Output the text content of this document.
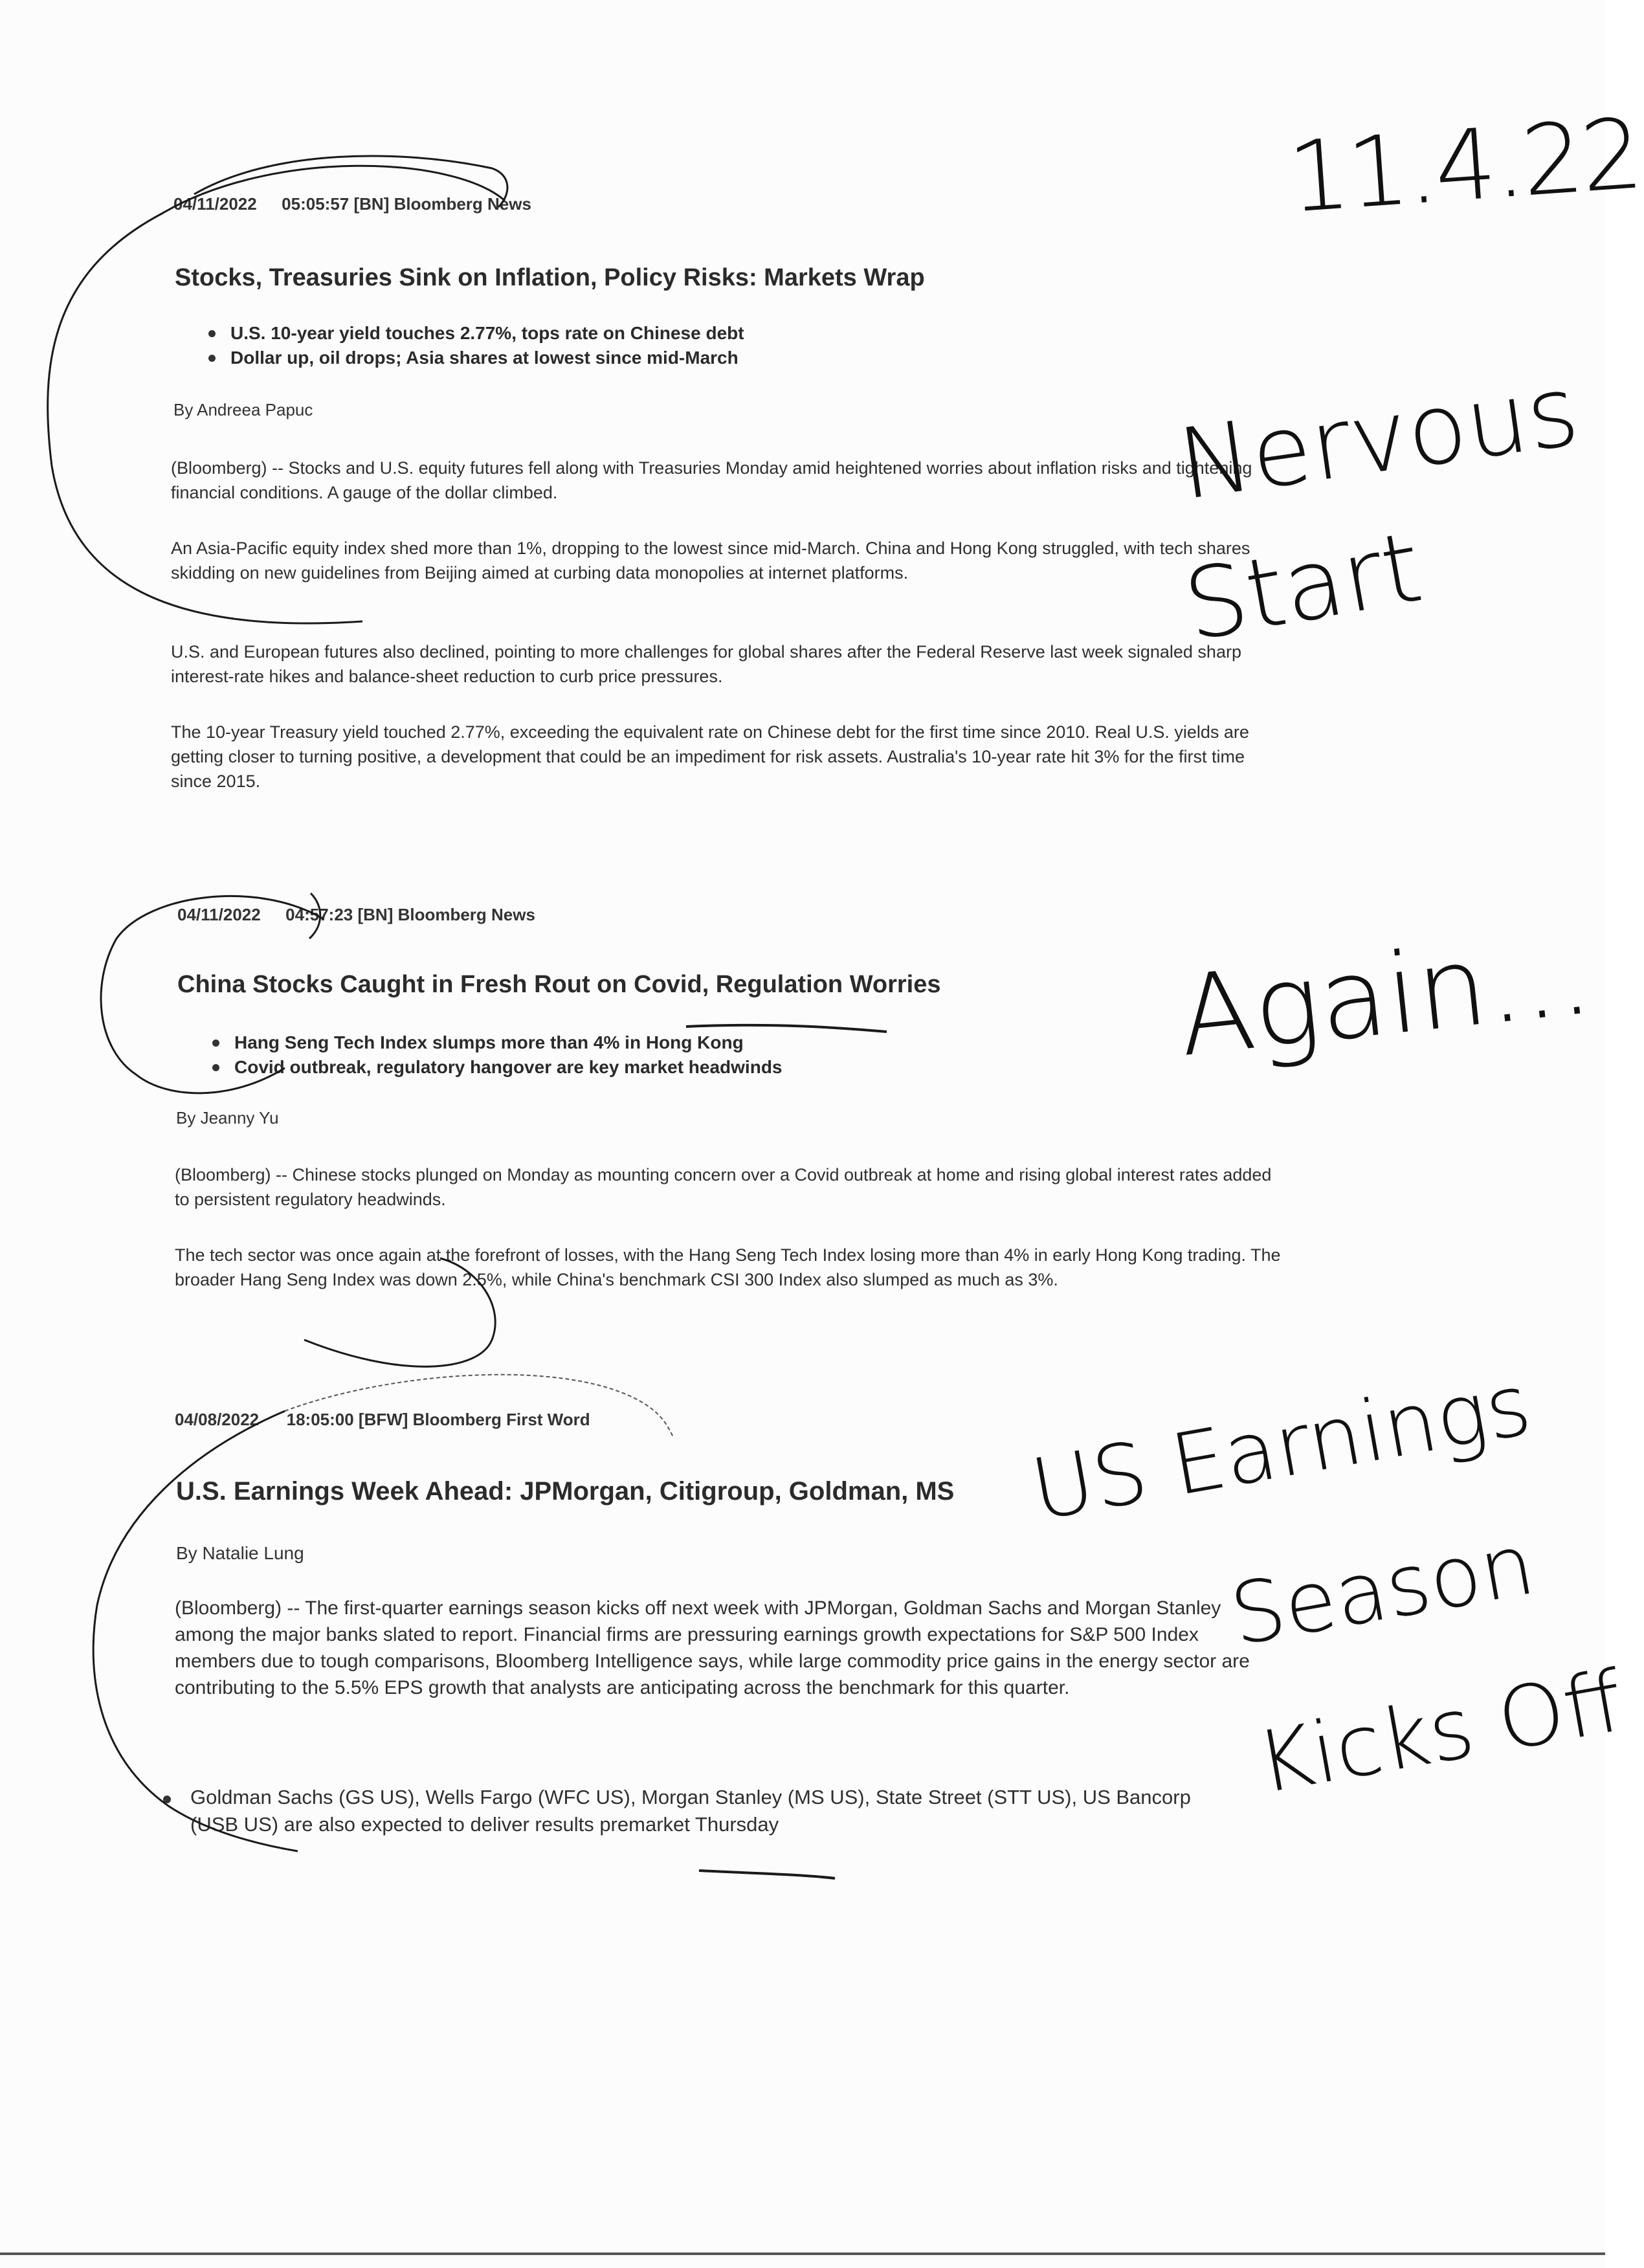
04/11/2022 05:05:57 [BN] Bloomberg News
Stocks, Treasuries Sink on Inflation, Policy Risks: Markets Wrap
U.S. 10-year yield touches 2.77%, tops rate on Chinese debt
Dollar up, oil drops; Asia shares at lowest since mid-March
By Andreea Papuc
(Bloomberg) -- Stocks and U.S. equity futures fell along with Treasuries Monday amid heightened worries about inflation risks and tightening financial conditions. A gauge of the dollar climbed.
An Asia-Pacific equity index shed more than 1%, dropping to the lowest since mid-March. China and Hong Kong struggled, with tech shares skidding on new guidelines from Beijing aimed at curbing data monopolies at internet platforms.
U.S. and European futures also declined, pointing to more challenges for global shares after the Federal Reserve last week signaled sharp interest-rate hikes and balance-sheet reduction to curb price pressures.
The 10-year Treasury yield touched 2.77%, exceeding the equivalent rate on Chinese debt for the first time since 2010. Real U.S. yields are getting closer to turning positive, a development that could be an impediment for risk assets. Australia's 10-year rate hit 3% for the first time since 2015.
04/11/2022 04:57:23 [BN] Bloomberg News
China Stocks Caught in Fresh Rout on Covid, Regulation Worries
Hang Seng Tech Index slumps more than 4% in Hong Kong
Covid outbreak, regulatory hangover are key market headwinds
By Jeanny Yu
(Bloomberg) -- Chinese stocks plunged on Monday as mounting concern over a Covid outbreak at home and rising global interest rates added to persistent regulatory headwinds.
The tech sector was once again at the forefront of losses, with the Hang Seng Tech Index losing more than 4% in early Hong Kong trading. The broader Hang Seng Index was down 2.5%, while China's benchmark CSI 300 Index also slumped as much as 3%.
04/08/2022 18:05:00 [BFW] Bloomberg First Word
U.S. Earnings Week Ahead: JPMorgan, Citigroup, Goldman, MS
By Natalie Lung
(Bloomberg) -- The first-quarter earnings season kicks off next week with JPMorgan, Goldman Sachs and Morgan Stanley among the major banks slated to report. Financial firms are pressuring earnings growth expectations for S&P 500 Index members due to tough comparisons, Bloomberg Intelligence says, while large commodity price gains in the energy sector are contributing to the 5.5% EPS growth that analysts are anticipating across the benchmark for this quarter.
Goldman Sachs (GS US), Wells Fargo (WFC US), Morgan Stanley (MS US), State Street (STT US), US Bancorp (USB US) are also expected to deliver results premarket Thursday
11.4.22
Nervous
Start
Again...
US Earnings
Season
Kicks Off
